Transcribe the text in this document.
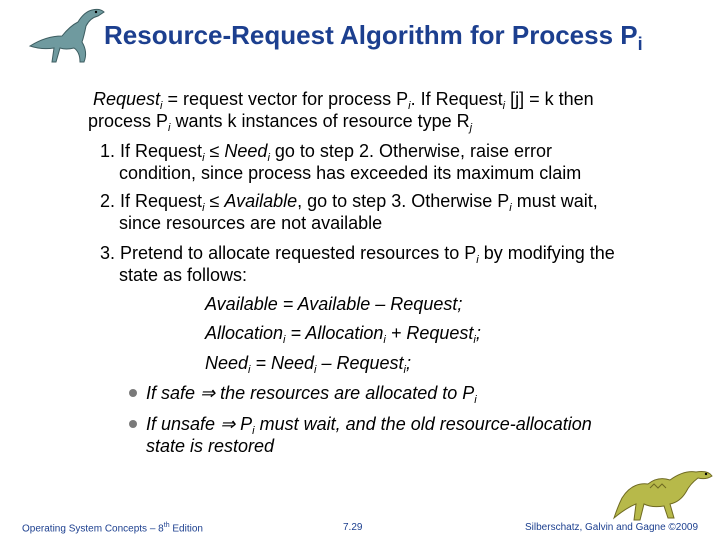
Resource-Request Algorithm for Process $P_i$
Request$_i$ = request vector for process $P_i$. If Request$_i$ [j] = k then
process $P_i$ wants k instances of resource type $R_j$
1. If Request$_i$ ≤ Need$_i$ go to step 2. Otherwise, raise error
condition, since process has exceeded its maximum claim
2. If Request$_i$ ≤ Available, go to step 3. Otherwise $P_i$ must wait,
since resources are not available
3. Pretend to allocate requested resources to $P_i$ by modifying the
state as follows:
Available = Available – Request;
Allocation$_i$ = Allocation$_i$ + Request$_i$;
Need$_i$ = Need$_i$ – Request$_i$;
If safe ⇒ the resources are allocated to $P_i$
If unsafe ⇒ $P_i$ must wait, and the old resource-allocation
state is restored
Operating System Concepts – 8th Edition	7.29	Silberschatz, Galvin and Gagne ©2009
